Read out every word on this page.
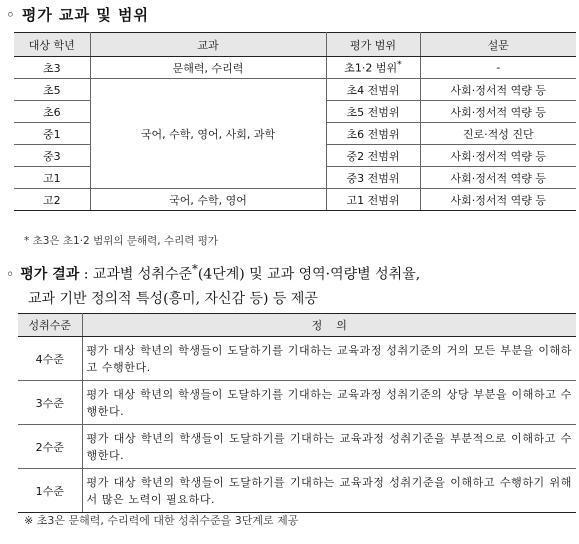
◦ 평가 교과 및 범위
대상 학년	교과	평가 범위	설문
초3	문해력, 수리력	초1·2 범위*	-
초5	국어, 수학, 영어, 사회, 과학	초4 전범위	사회·정서적 역량 등
초6		초5 전범위	사회·정서적 역량 등
중1		초6 전범위	진로·적성 진단
중3		중2 전범위	사회·정서적 역량 등
고1		중3 전범위	사회·정서적 역량 등
고2	국어, 수학, 영어	고1 전범위	사회·정서적 역량 등
* 초3은 초1·2 범위의 문해력, 수리력 평가
◦ 평가 결과 : 교과별 성취수준*(4단계) 및 교과 영역·역량별 성취율,
교과 기반 정의적 특성(흥미, 자신감 등) 등 제공
성취수준	정    의
4수준	평가 대상 학년의 학생들이 도달하기를 기대하는 교육과정 성취기준의 거의 모든 부분을 이해하고 수행한다.
3수준	평가 대상 학년의 학생들이 도달하기를 기대하는 교육과정 성취기준의 상당 부분을 이해하고 수행한다.
2수준	평가 대상 학년의 학생들이 도달하기를 기대하는 교육과정 성취기준을 부분적으로 이해하고 수행한다.
1수준	평가 대상 학년의 학생들이 도달하기를 기대하는 교육과정 성취기준을 이해하고 수행하기 위해서 많은 노력이 필요하다.
※ 초3은 문해력, 수리력에 대한 성취수준을 3단계로 제공
